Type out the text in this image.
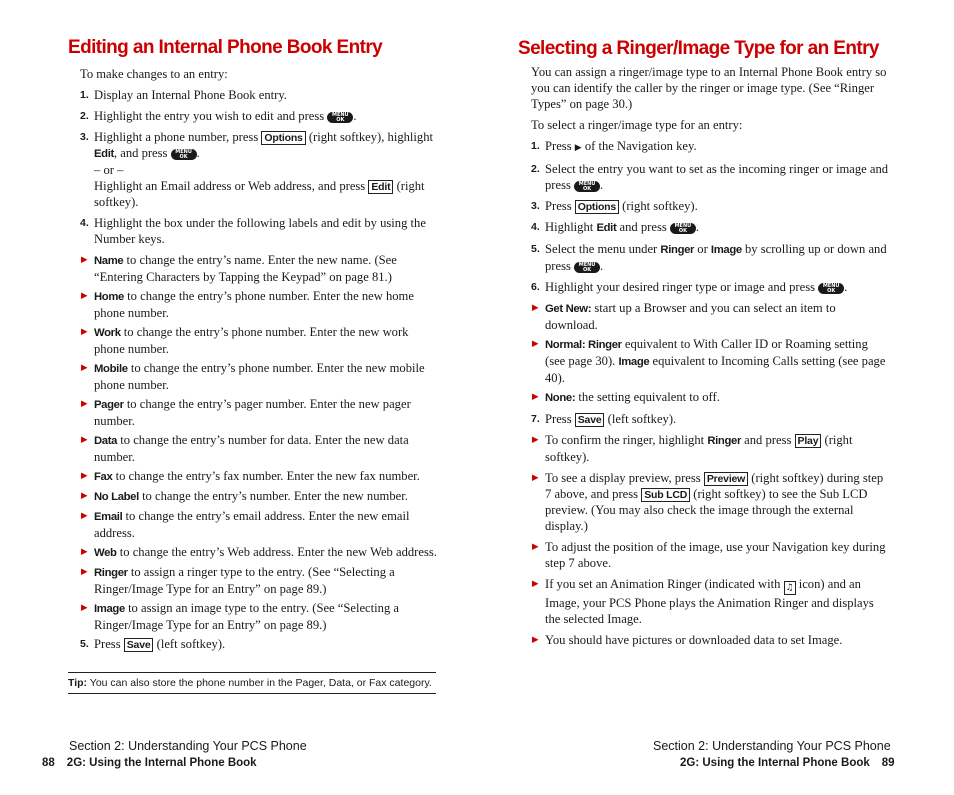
Editing an Internal Phone Book Entry

To make changes to an entry:

1. Display an Internal Phone Book entry.
2. Highlight the entry you wish to edit and press	MENU
OK .
3. Highlight a phone number, press Options (right softkey), highlight Edit, and press	MENU
OK .
– or –
Highlight an Email address or Web address, and press Edit (right softkey).
4. Highlight the box under the following labels and edit by using the Number keys.
▶ Name to change the entry’s name. Enter the new name. (See “Entering Characters by Tapping the Keypad” on page 81.)
▶ Home to change the entry’s phone number. Enter the new home phone number.
▶ Work to change the entry’s phone number. Enter the new work phone number.
▶ Mobile to change the entry’s phone number. Enter the new mobile phone number.
▶ Pager to change the entry’s pager number. Enter the new pager number.
▶ Data to change the entry’s number for data. Enter the new data number.
▶ Fax to change the entry’s fax number. Enter the new fax number.
▶ No Label to change the entry’s number. Enter the new number.
▶ Email to change the entry’s email address. Enter the new email address.
▶ Web to change the entry’s Web address. Enter the new Web address.
▶ Ringer to assign a ringer type to the entry. (See “Selecting a Ringer/Image Type for an Entry” on page 89.)
▶ Image to assign an image type to the entry. (See “Selecting a Ringer/Image Type for an Entry” on page 89.)
5. Press Save (left softkey).
Tip: You can also store the phone number in the Pager, Data, or Fax category.
Section 2: Understanding Your PCS Phone
88 2G: Using the Internal Phone Book
Selecting a Ringer/Image Type for an Entry

You can assign a ringer/image type to an Internal Phone Book entry so you can identify the caller by the ringer or image type. (See “Ringer Types” on page 30.)

To select a ringer/image type for an entry:

1. Press ▶ of the Navigation key.
2. Select the entry you want to set as the incoming ringer or image and press	MENU
OK .
3. Press Options (right softkey).
4. Highlight Edit and press	MENU
OK .
5. Select the menu under Ringer or Image by scrolling up or down and press	MENU
OK .
6. Highlight your desired ringer type or image and press	MENU
OK .
▶ Get New: start up a Browser and you can select an item to download.
▶ Normal: Ringer equivalent to With Caller ID or Roaming setting (see page 30). Image equivalent to Incoming Calls setting (see page 40).
▶ None: the setting equivalent to off.
7. Press Save (left softkey).
▶ To confirm the ringer, highlight Ringer and press Play (right softkey).
▶ To see a display preview, press Preview (right softkey) during step 7 above, and press Sub LCD (right softkey) to see the Sub LCD preview. (You may also check the image through the external display.)
▶ To adjust the position of the image, use your Navigation key during step 7 above.
▶ If you set an Animation Ringer (indicated with ♫ icon) and an Image, your PCS Phone plays the Animation Ringer and displays the selected Image.
▶ You should have pictures or downloaded data to set Image.
Section 2: Understanding Your PCS Phone
2G: Using the Internal Phone Book 89
